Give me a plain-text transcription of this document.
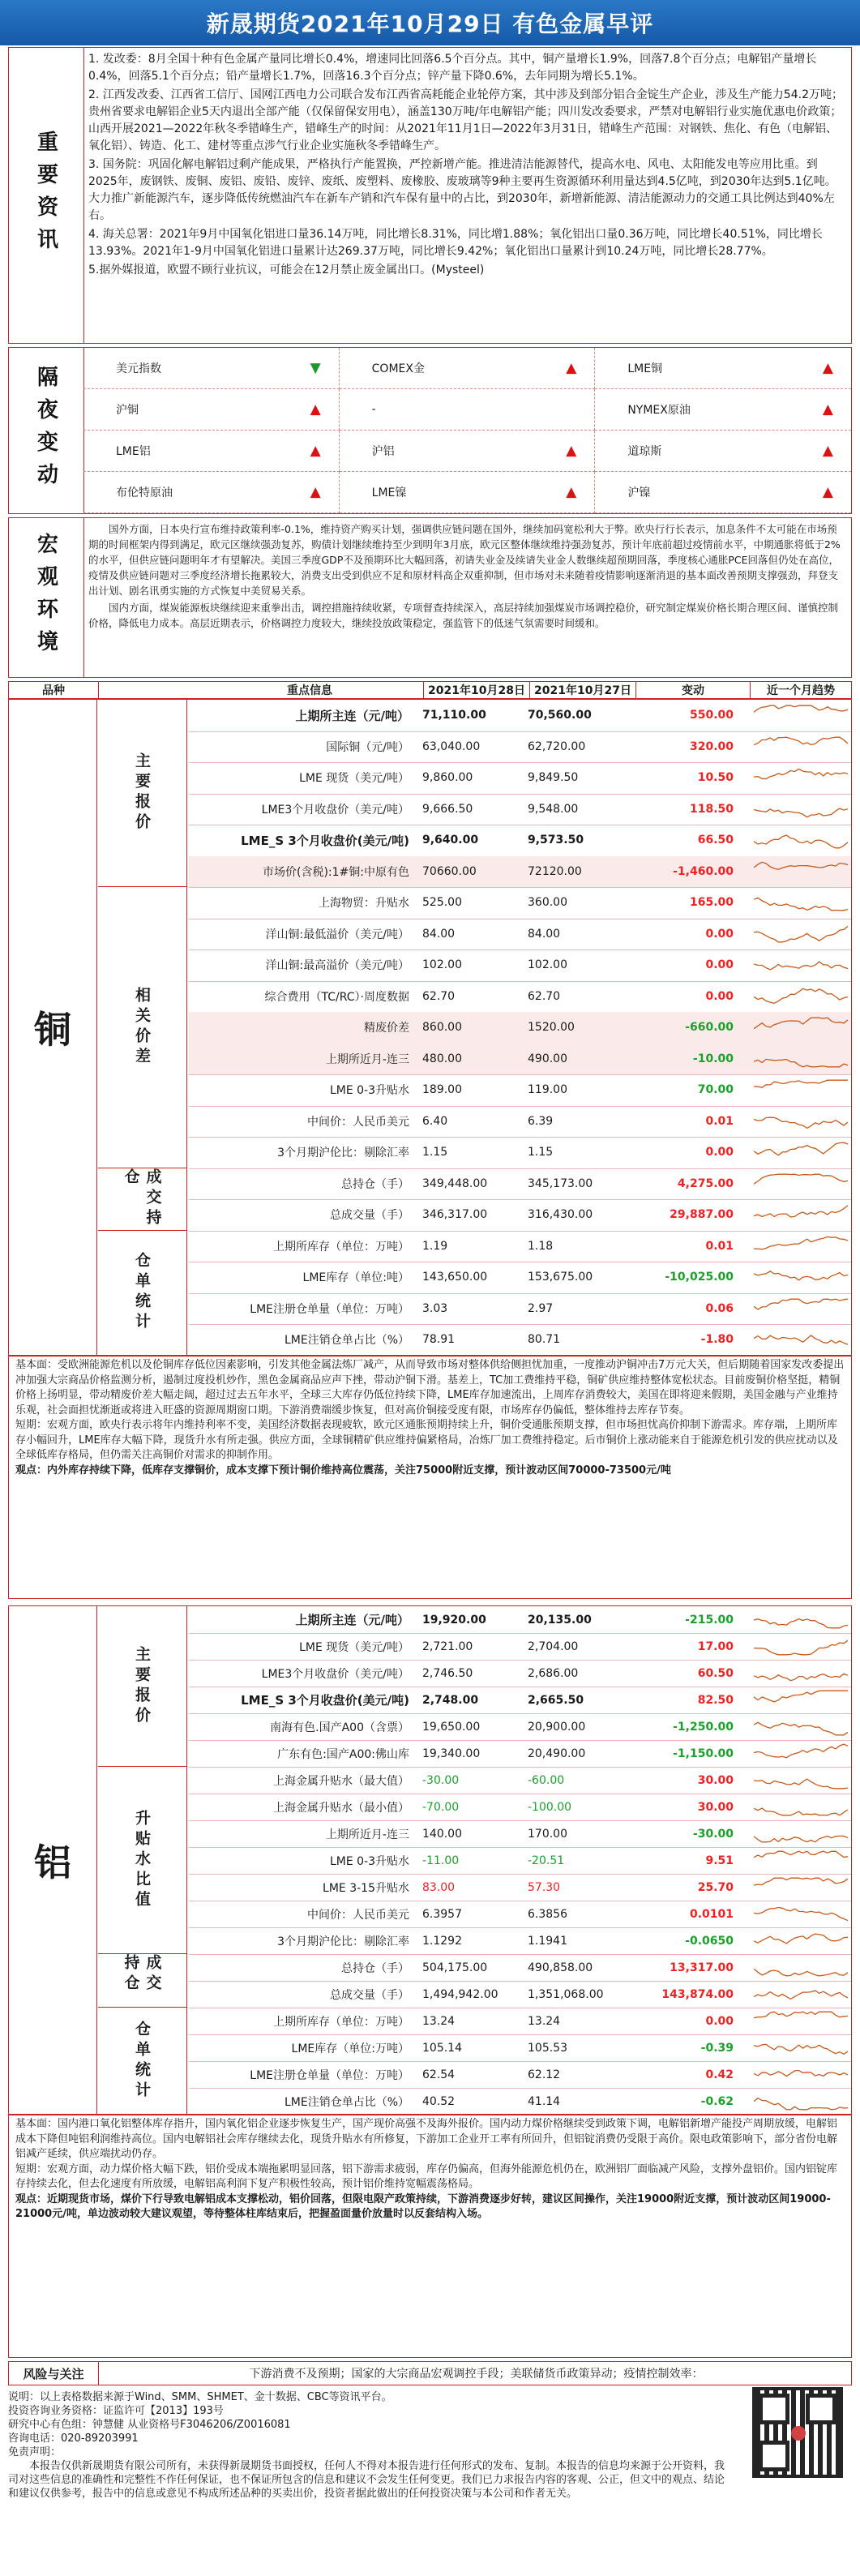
新晟期货2021年10月29日 有色金属早评
重要资讯

1. 发改委：8月全国十种有色金属产量同比增长0.4%，增速同比回落6.5个百分点。其中，铜产量增长1.9%，回落7.8个百分点；电解铝产量增长0.4%，回落5.1个百分点；铅产量增长1.7%，回落16.3个百分点；锌产量下降0.6%，去年同期为增长5.1%。

2. 江西发改委、江西省工信厅、国网江西电力公司联合发布江西省高耗能企业轮停方案，其中涉及到部分铝合金锭生产企业，涉及生产能力54.2万吨；贵州省要求电解铝企业5天内退出全部产能（仅保留保安用电），涵盖130万吨/年电解铝产能；四川发改委要求，严禁对电解铝行业实施优惠电价政策；山西开展2021—2022年秋冬季错峰生产，错峰生产的时间：从2021年11月1日—2022年3月31日，错峰生产范围：对钢铁、焦化、有色（电解铝、氧化铝）、铸造、化工、建材等重点涉气行业企业实施秋冬季错峰生产。

3. 国务院：巩固化解电解铝过剩产能成果，严格执行产能置换，严控新增产能。推进清洁能源替代，提高水电、风电、太阳能发电等应用比重。到2025年，废钢铁、废铜、废铝、废铅、废锌、废纸、废塑料、废橡胶、废玻璃等9种主要再生资源循环利用量达到4.5亿吨，到2030年达到5.1亿吨。大力推广新能源汽车，逐步降低传统燃油汽车在新车产销和汽车保有量中的占比，到2030年，新增新能源、清洁能源动力的交通工具比例达到40%左右。

4. 海关总署：2021年9月中国氧化铝进口量36.14万吨，同比增长8.31%，同比增1.88%；氧化铝出口量0.36万吨，同比增长40.51%，同比增长13.93%。2021年1-9月中国氧化铝进口量累计达269.37万吨，同比增长9.42%；氧化铝出口量累计到10.24万吨，同比增长28.77%。

5.据外媒报道，欧盟不顾行业抗议，可能会在12月禁止废金属出口。(Mysteel)

隔夜变动	美元指数	▼	COMEX金	▲	LME铜	▲
沪铜	▲	-	NYMEX原油	▲
LME铝	▲	沪铝	▲	道琼斯	▲
布伦特原油	▲	LME镍	▲	沪镍	▲
宏观环境

国外方面，日本央行宣布维持政策利率-0.1%，维持资产购买计划，强调供应链问题在国外，继续加码宽松利大于弊。欧央行行长表示，加息条件不太可能在市场预期的时间框架内得到满足，欧元区继续强劲复苏，购债计划继续维持至少到明年3月底，欧元区整体继续维持强劲复苏，预计年底前超过疫情前水平，中期通胀将低于2%的水平，但供应链问题明年才有望解决。美国三季度GDP不及预期环比大幅回落，初请失业金及续请失业金人数继续超预期回落，季度核心通胀PCE回落但仍处在高位，疫情及供应链问题对三季度经济增长拖累较大，消费支出受到供应不足和原材料高企双重抑制，但市场对未来随着疫情影响逐渐消退的基本面改善预期支撑强劲，拜登支出计划、剧名讯勇实施的方式恢复中美贸易关系。

国内方面，煤炭能源板块继续迎来重拳出击，调控措施持续收紧，专项督查持续深入，高层持续加强煤炭市场调控稳价，研究制定煤炭价格长期合理区间、谨慎控制价格，降低电力成本。高层近期表示，价格调控力度较大，继续投放政策稳定，强监管下的低迷气氛需要时间缓和。

品种	重点信息	2021年10月28日 2021年10月27日	变动	近一个月趋势
铜
主要报价
上期所主连（元/吨）	71,110.00	70,560.00	550.00
国际铜（元/吨）	63,040.00	62,720.00	320.00
LME 现货（美元/吨）	9,860.00	9,849.50	10.50
LME3个月收盘价（美元/吨）	9,666.50	9,548.00	118.50
LME_S 3个月收盘价(美元/吨)	9,640.00	9,573.50	66.50
市场价(含税):1#铜:中原有色	70660.00	72120.00	-1,460.00
相关价差
上海物贸：升贴水	525.00	360.00	165.00
洋山铜:最低溢价（美元/吨）	84.00	84.00	0.00
洋山铜:最高溢价（美元/吨）	102.00	102.00	0.00
综合费用（TC/RC）·周度数据	62.70	62.70	0.00
精废价差	860.00	1520.00	-660.00
上期所近月-连三	480.00	490.00	-10.00
LME 0-3升贴水	189.00	119.00	70.00
中间价：人民币美元	6.40	6.39	0.01
3个月期沪伦比：剔除汇率	1.15	1.15	0.00
成交持仓	总持仓（手）	349,448.00	345,173.00	4,275.00
总成交量（手）	346,317.00	316,430.00	29,887.00
仓单统计
上期所库存（单位：万吨）	1.19	1.18	0.01
LME库存（单位:吨）	143,650.00	153,675.00	-10,025.00
LME注册仓单量（单位：万吨）	3.03	2.97	0.06
LME注销仓单占比（%）	78.91	80.71	-1.80

基本面：受欧洲能源危机以及伦铜库存低位因素影响，引发其他金属法炼厂减产，从而导致市场对整体供给侧担忧加重，一度推动沪铜冲击7万元大关，但后期随着国家发改委提出冲加强大宗商品价格监测分析，遏制过度投机炒作，黑色金属商品应声下挫，带动沪铜下滑。基差上，TC加工费维持平稳，铜矿供应维持整体宽松状态。目前废铜价格坚挺，精铜价格上扬明显，带动精废价差大幅走阔，超过过去五年水平，全球三大库存仍低位持续下降，LME库存加速流出，上周库存消费较大，美国在即将迎来假期，美国金融与产业维持乐观，社会面担忧渐逝或将进入旺盛的资源周期窗口期。下游消费端缓步恢复，但对高价铜接受度有限，市场库存仍偏低，整体维持去库存节奏。

短期：宏观方面，欧央行表示将年内维持利率不变，美国经济数据表现疲软，欧元区通胀预期持续上升，铜价受通胀预期支撑，但市场担忧高价抑制下游需求。库存端，上期所库存小幅回升，LME库存大幅下降，现货升水有所走强。供应方面，全球铜精矿供应维持偏紧格局，冶炼厂加工费维持稳定。后市铜价上涨动能来自于能源危机引发的供应扰动以及全球低库存格局，但仍需关注高铜价对需求的抑制作用。

观点：内外库存持续下降，低库存支撑铜价，成本支撑下预计铜价维持高位震荡，关注75000附近支撑，预计波动区间70000-73500元/吨

铝
主要报价
上期所主连（元/吨）	19,920.00	20,135.00	-215.00
LME 现货（美元/吨）	2,721.00	2,704.00	17.00
LME3个月收盘价（美元/吨）	2,746.50	2,686.00	60.50
LME_S 3个月收盘价(美元/吨)	2,748.00	2,665.50	82.50
南海有色.国产A00（含票）	19,650.00	20,900.00	-1,250.00
广东有色:国产A00:佛山库	19,340.00	20,490.00	-1,150.00
升贴水比值
上海金属升贴水（最大值）	-30.00	-60.00	30.00
上海金属升贴水（最小值）	-70.00	-100.00	30.00
上期所近月-连三	140.00	170.00	-30.00
LME 0-3升贴水	-11.00	-20.51	9.51
LME 3-15升贴水	83.00	57.30	25.70
中间价：人民币美元	6.3957	6.3856	0.0101
3个月期沪伦比：剔除汇率	1.1292	1.1941	-0.0650
成交持仓	总持仓（手）	504,175.00	490,858.00	13,317.00
总成交量（手）	1,494,942.00	1,351,068.00	143,874.00
仓单统计	上期所库存（单位：万吨）	13.24	13.24	0.00
LME库存（单位:万吨）	105.14	105.53	-0.39
LME注册仓单量（单位：万吨）	62.54	62.12	0.42
LME注销仓单占比（%）	40.52	41.14	-0.62

基本面：国内港口氧化铝整体库存指升，国内氧化铝企业逐步恢复生产，国产现价高强不及海外报价。国内动力煤价格继续受到政策下调，电解铝新增产能投产周期放缓，电解铝成本下降但吨铝利润维持高位。国内电解铝社会库存继续去化，现货升贴水有所修复，下游加工企业开工率有所回升，但铝锭消费仍受限于高价。限电政策影响下，部分省份电解铝减产延续，供应端扰动仍存。

短期：宏观方面，动力煤价格大幅下跌，铝价受成本端拖累明显回落，铝下游需求疲弱，库存仍偏高，但海外能源危机仍在，欧洲铝厂面临减产风险，支撑外盘铝价。国内铝锭库存持续去化，但去化速度有所放缓，电解铝高利润下复产积极性较高，预计铝价维持宽幅震荡格局。

观点：近期现货市场，煤价下行导致电解铝成本支撑松动，铝价回落，但限电限产政策持续，下游消费逐步好转，建议区间操作，关注19000附近支撑，预计波动区间19000-21000元/吨，单边波动较大建议观望，等待整体柱库结束后，把握盈面量价放量时以反套结构入场。

风险与关注	下游消费不及预期；国家的大宗商品宏观调控手段；美联储货币政策异动；疫情控制效率：
说明：以上表格数据来源于Wind、SMM、SHMET、金十数据、CBC等资讯平台。
投资咨询业务资格：证监许可【2013】193号
研究中心有色组：钟慧健 从业资格号F3046206/Z0016081
咨询电话：020-89203991
免责声明：
　　本报告仅供新晟期货有限公司所有，未获得新晟期货书面授权，任何人不得对本报告进行任何形式的发布、复制。本报告的信息均来源于公开资料，我司对这些信息的准确性和完整性不作任何保证，也不保证所包含的信息和建议不会发生任何变更。我们已力求报告内容的客观、公正，但文中的观点、结论和建议仅供参考，报告中的信息或意见不构成所述品种的买卖出价，投资者据此做出的任何投资决策与本公司和作者无关。
